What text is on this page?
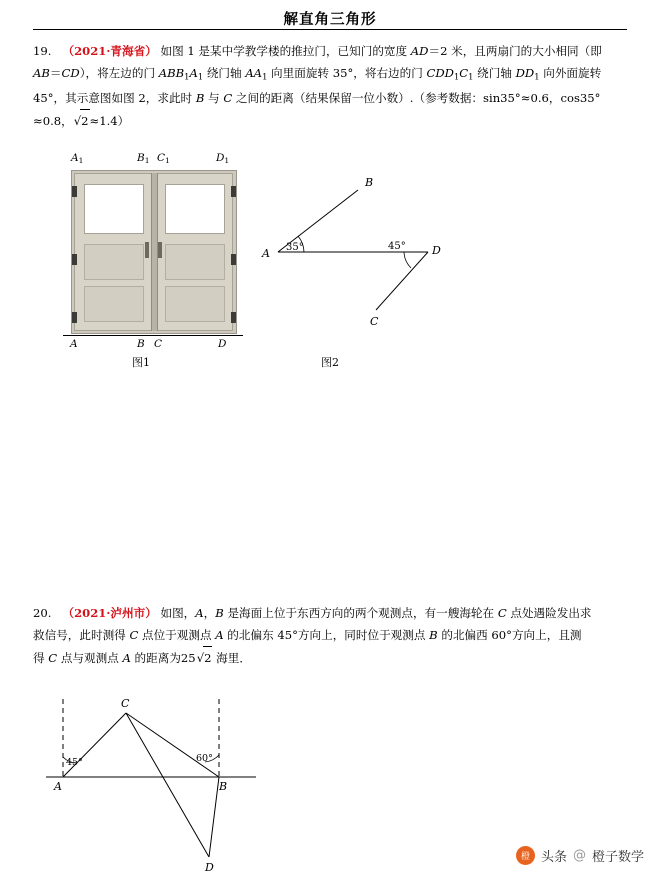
解直角三角形
19. （2021·青海省） 如图 1 是某中学教学楼的推拉门，已知门的宽度 AD＝2 米，且两扇门的大小相同（即
AB＝CD），将左边的门 $ABB_1A_1$ 绕门轴 $AA_1$ 向里面旋转 35°，将右边的门 $CDD_1C_1$ 绕门轴 $DD_1$ 向外面旋转
45°，其示意图如图 2，求此时 B 与 C 之间的距离（结果保留一位小数）.（参考数据：sin35°≈0.6，cos35°
≈0.8，√2≈1.4）
$A_1$	$B_1$ $C_1$	$D_1$
A	B C	D
图1
B
A	D
C
35°	45°
图2
20. （2021·泸州市） 如图，A，B 是海面上位于东西方向的两个观测点，有一艘海轮在 C 点处遇险发出求
救信号，此时测得 C 点位于观测点 A 的北偏东 45°方向上，同时位于观测点 B 的北偏西 60°方向上，且测
得 C 点与观测点 A 的距离为25√2 海里．
45°	60°
C
A	B
D
橙 头条 @ 橙子数学
